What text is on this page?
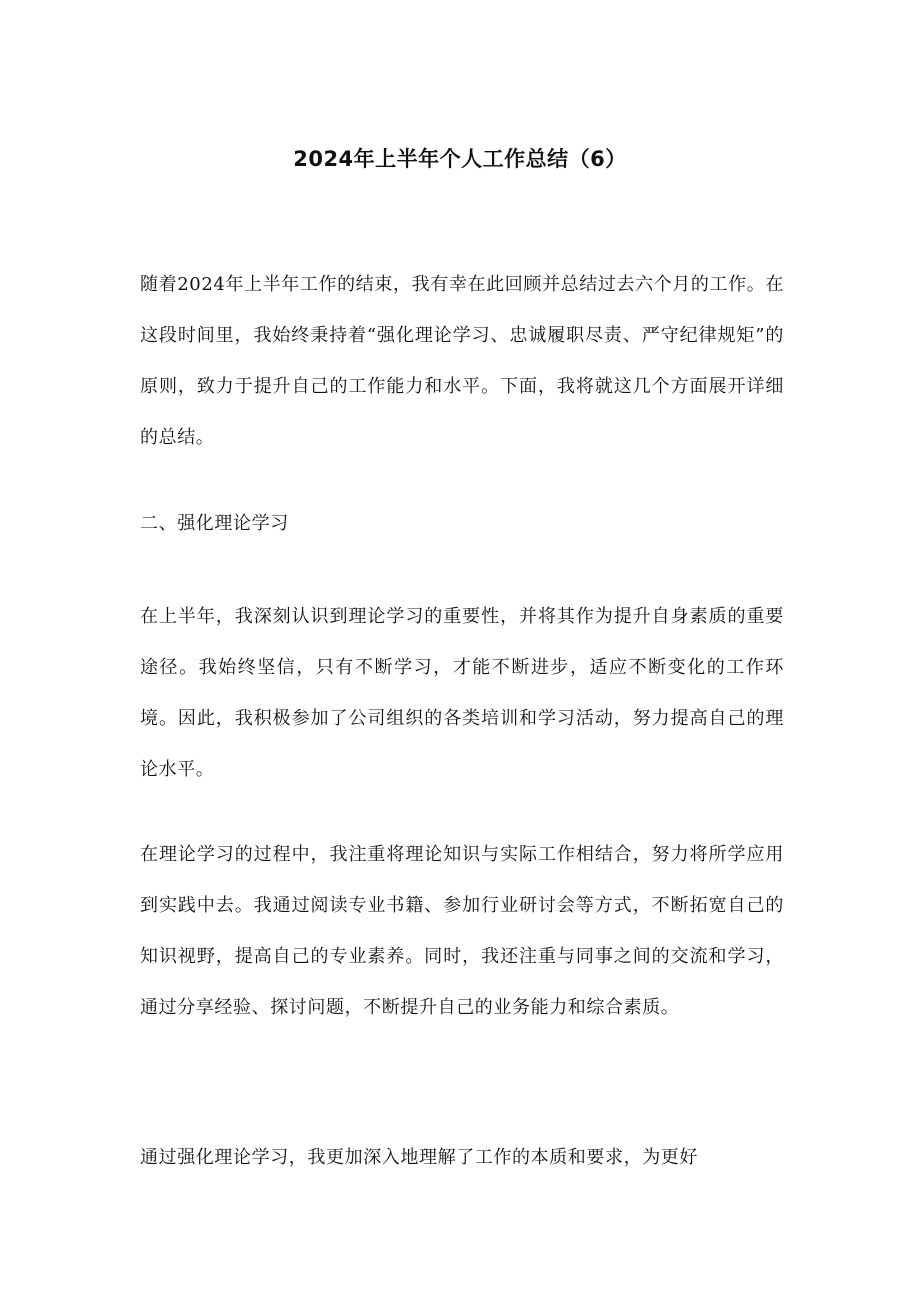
2024年上半年个人工作总结（6）

随着2024年上半年工作的结束，我有幸在此回顾并总结过去六个月的工作。在这段时间里，我始终秉持着“强化理论学习、忠诚履职尽责、严守纪律规矩”的原则，致力于提升自己的工作能力和水平。下面，我将就这几个方面展开详细的总结。

二、强化理论学习

在上半年，我深刻认识到理论学习的重要性，并将其作为提升自身素质的重要途径。我始终坚信，只有不断学习，才能不断进步，适应不断变化的工作环境。因此，我积极参加了公司组织的各类培训和学习活动，努力提高自己的理论水平。

在理论学习的过程中，我注重将理论知识与实际工作相结合，努力将所学应用到实践中去。我通过阅读专业书籍、参加行业研讨会等方式，不断拓宽自己的知识视野，提高自己的专业素养。同时，我还注重与同事之间的交流和学习，通过分享经验、探讨问题，不断提升自己的业务能力和综合素质。

通过强化理论学习，我更加深入地理解了工作的本质和要求，为更好
